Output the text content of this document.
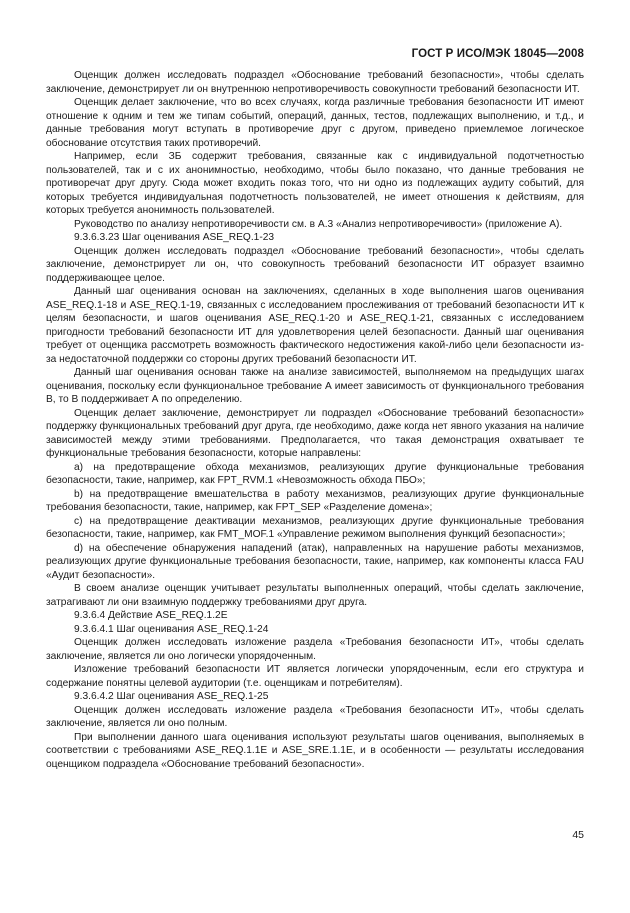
ГОСТ Р ИСО/МЭК 18045—2008

Оценщик должен исследовать подраздел «Обоснование требований безопасности», чтобы сделать заключение, демонстрирует ли он внутреннюю непротиворечивость совокупности требований безопасности ИТ.

Оценщик делает заключение, что во всех случаях, когда различные требования безопасности ИТ имеют отношение к одним и тем же типам событий, операций, данных, тестов, подлежащих выполнению, и т.д., и данные требования могут вступать в противоречие друг с другом, приведено приемлемое логическое обоснование отсутствия таких противоречий.

Например, если ЗБ содержит требования, связанные как с индивидуальной подотчетностью пользователей, так и с их анонимностью, необходимо, чтобы было показано, что данные требования не противоречат друг другу. Сюда может входить показ того, что ни одно из подлежащих аудиту событий, для которых требуется индивидуальная подотчетность пользователей, не имеет отношения к действиям, для которых требуется анонимность пользователей.

Руководство по анализу непротиворечивости см. в А.3 «Анализ непротиворечивости» (приложение А).

9.3.6.3.23 Шаг оценивания ASE_REQ.1-23

Оценщик должен исследовать подраздел «Обоснование требований безопасности», чтобы сделать заключение, демонстрирует ли он, что совокупность требований безопасности ИТ образует взаимно поддерживающее целое.

Данный шаг оценивания основан на заключениях, сделанных в ходе выполнения шагов оценивания ASE_REQ.1-18 и ASE_REQ.1-19, связанных с исследованием прослеживания от требований безопасности ИТ к целям безопасности, и шагов оценивания ASE_REQ.1-20 и ASE_REQ.1-21, связанных с исследованием пригодности требований безопасности ИТ для удовлетворения целей безопасности. Данный шаг оценивания требует от оценщика рассмотреть возможность фактического недостижения какой-либо цели безопасности из-за недостаточной поддержки со стороны других требований безопасности ИТ.

Данный шаг оценивания основан также на анализе зависимостей, выполняемом на предыдущих шагах оценивания, поскольку если функциональное требование А имеет зависимость от функционального требования В, то В поддерживает А по определению.

Оценщик делает заключение, демонстрирует ли подраздел «Обоснование требований безопасности» поддержку функциональных требований друг друга, где необходимо, даже когда нет явного указания на наличие зависимостей между этими требованиями. Предполагается, что такая демонстрация охватывает те функциональные требования безопасности, которые направлены:

а) на предотвращение обхода механизмов, реализующих другие функциональные требования безопасности, такие, например, как FPT_RVM.1 «Невозможность обхода ПБО»;

b) на предотвращение вмешательства в работу механизмов, реализующих другие функциональные требования безопасности, такие, например, как FPT_SEP «Разделение домена»;

с) на предотвращение деактивации механизмов, реализующих другие функциональные требования безопасности, такие, например, как FMT_MOF.1 «Управление режимом выполнения функций безопасности»;

d) на обеспечение обнаружения нападений (атак), направленных на нарушение работы механизмов, реализующих другие функциональные требования безопасности, такие, например, как компоненты класса FAU «Аудит безопасности».

В своем анализе оценщик учитывает результаты выполненных операций, чтобы сделать заключение, затрагивают ли они взаимную поддержку требованиями друг друга.

9.3.6.4 Действие ASE_REQ.1.2E

9.3.6.4.1 Шаг оценивания ASE_REQ.1-24

Оценщик должен исследовать изложение раздела «Требования безопасности ИТ», чтобы сделать заключение, является ли оно логически упорядоченным.

Изложение требований безопасности ИТ является логически упорядоченным, если его структура и содержание понятны целевой аудитории (т.е. оценщикам и потребителям).

9.3.6.4.2 Шаг оценивания ASE_REQ.1-25

Оценщик должен исследовать изложение раздела «Требования безопасности ИТ», чтобы сделать заключение, является ли оно полным.

При выполнении данного шага оценивания используют результаты шагов оценивания, выполняемых в соответствии с требованиями ASE_REQ.1.1E и ASE_SRE.1.1E, и в особенности — результаты исследования оценщиком подраздела «Обоснование требований безопасности».

45
